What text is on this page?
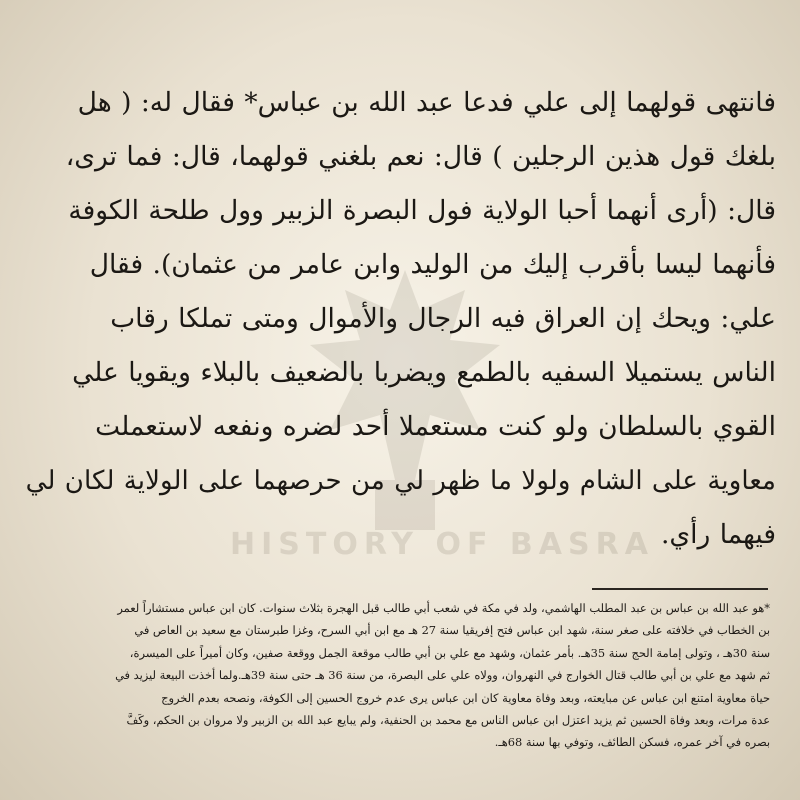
HISTORY OF BASRA
فانتهى قولهما إلى علي فدعا عبد الله بن عباس* فقال له: ( هل
بلغك قول هذين الرجلين ) قال: نعم بلغني قولهما، قال: فما ترى،
قال: (أرى أنهما أحبا الولاية فول البصرة الزبير وول طلحة الكوفة
فأنهما ليسا بأقرب إليك من الوليد وابن عامر من عثمان). فقال
علي: ويحك إن العراق فيه الرجال والأموال ومتى تملكا رقاب
الناس يستميلا السفيه بالطمع ويضربا بالضعيف بالبلاء ويقويا علي
القوي بالسلطان ولو كنت مستعملا أحد لضره ونفعه لاستعملت
معاوية على الشام ولولا ما ظهر لي من حرصهما على الولاية لكان لي
فيهما رأي.
*هو عبد الله بن عباس بن عبد المطلب الهاشمي، ولد في مكة في شعب أبي طالب قبل الهجرة بثلاث سنوات. كان ابن عباس مستشاراً لعمر
بن الخطاب في خلافته على صغر سنة، شهد ابن عباس فتح إفريقيا سنة 27 هـ مع ابن أبي السرح، وغزا طبرستان مع سعيد بن العاص في
سنة 30هـ ، وتولى إمامة الحج سنة 35هـ. بأمر عثمان، وشهد مع علي بن أبي طالب موقعة الجمل ووقعة صفين، وكان أميراً على الميسرة،
ثم شهد مع علي بن أبي طالب قتال الخوارج في النهروان، وولاه علي على البصرة، من سنة 36 هـ حتى سنة 39هـ.ولما أخذت البيعة ليزيد في
حياة معاوية امتنع ابن عباس عن مبايعته، وبعد وفاة معاوية كان ابن عباس يرى عدم خروج الحسين إلى الكوفة، ونصحه بعدم الخروج
عدة مرات، وبعد وفاة الحسين ثم يزيد اعتزل ابن عباس الناس مع محمد بن الحنفية، ولم يبايع عبد الله بن الزبير ولا مروان بن الحكم، وكَفَّ
بصره في آخر عمره، فسكن الطائف، وتوفي بها سنة 68هـ.
